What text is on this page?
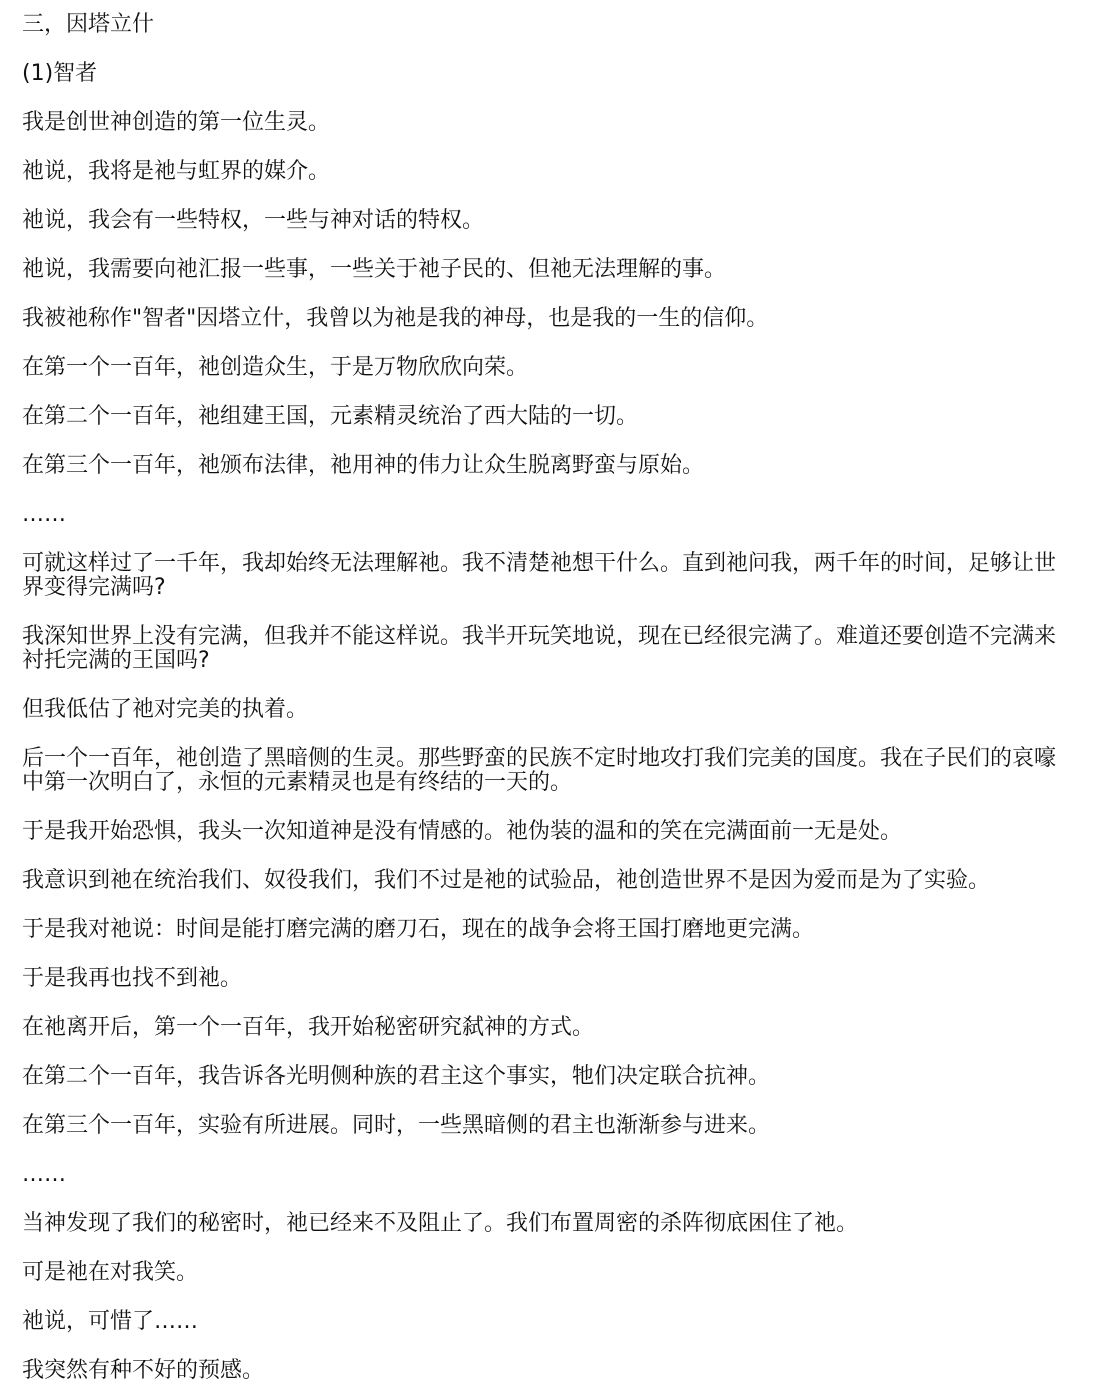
三，因塔立什
(1)智者
我是创世神创造的第一位生灵。
祂说，我将是祂与虹界的媒介。
祂说，我会有一些特权，一些与神对话的特权。
祂说，我需要向祂汇报一些事，一些关于祂子民的、但祂无法理解的事。
我被祂称作"智者"因塔立什，我曾以为祂是我的神母，也是我的一生的信仰。
在第一个一百年，祂创造众生，于是万物欣欣向荣。
在第二个一百年，祂组建王国，元素精灵统治了西大陆的一切。
在第三个一百年，祂颁布法律，祂用神的伟力让众生脱离野蛮与原始。
……
可就这样过了一千年，我却始终无法理解祂。我不清楚祂想干什么。直到祂问我，两千年的时间，足够让世界变得完满吗?
我深知世界上没有完满，但我并不能这样说。我半开玩笑地说，现在已经很完满了。难道还要创造不完满来衬托完满的王国吗?
但我低估了祂对完美的执着。
后一个一百年，祂创造了黑暗侧的生灵。那些野蛮的民族不定时地攻打我们完美的国度。我在子民们的哀嚎中第一次明白了，永恒的元素精灵也是有终结的一天的。
于是我开始恐惧，我头一次知道神是没有情感的。祂伪装的温和的笑在完满面前一无是处。
我意识到祂在统治我们、奴役我们，我们不过是祂的试验品，祂创造世界不是因为爱而是为了实验。
于是我对祂说：时间是能打磨完满的磨刀石，现在的战争会将王国打磨地更完满。
于是我再也找不到祂。
在祂离开后，第一个一百年，我开始秘密研究弑神的方式。
在第二个一百年，我告诉各光明侧种族的君主这个事实，牠们决定联合抗神。
在第三个一百年，实验有所进展。同时，一些黑暗侧的君主也渐渐参与进来。
……
当神发现了我们的秘密时，祂已经来不及阻止了。我们布置周密的杀阵彻底困住了祂。
可是祂在对我笑。
祂说，可惜了……
我突然有种不好的预感。
